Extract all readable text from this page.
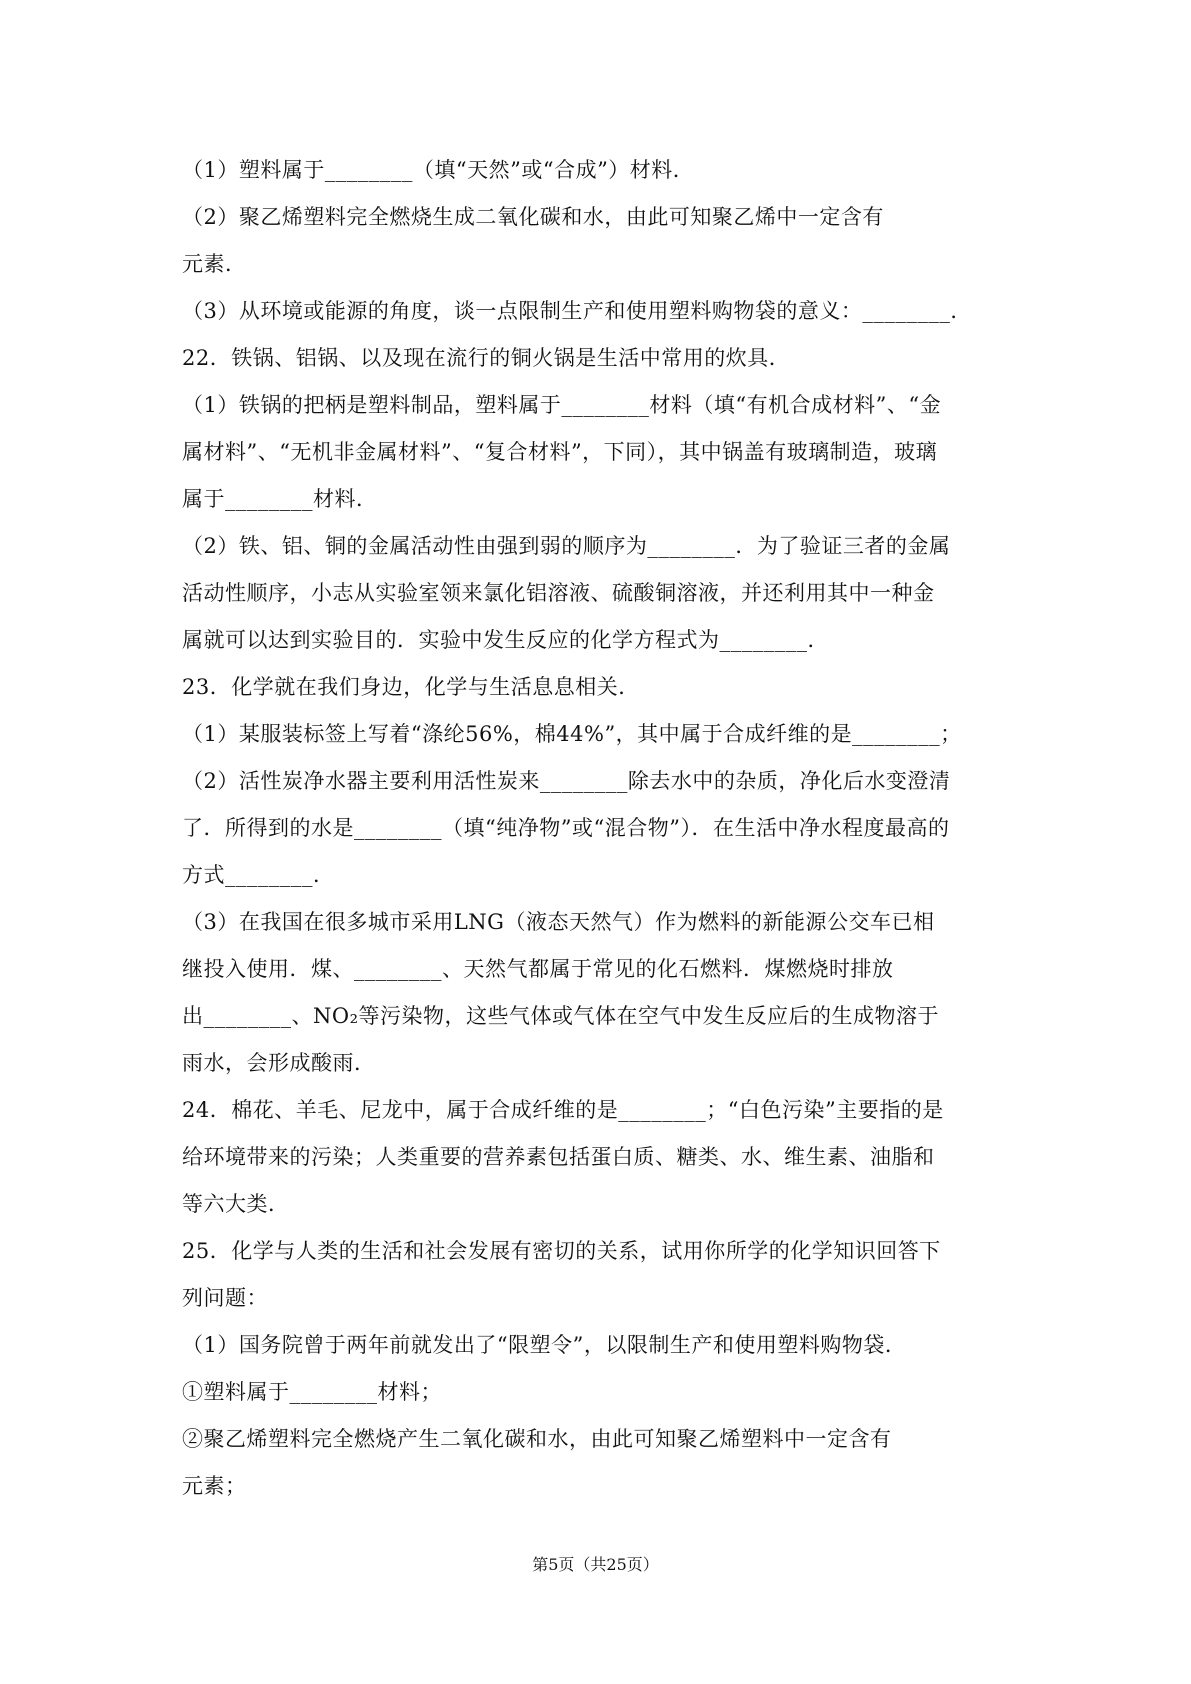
（1）塑料属于________（填“天然”或“合成”）材料．
（2）聚乙烯塑料完全燃烧生成二氧化碳和水，由此可知聚乙烯中一定含有
元素．
（3）从环境或能源的角度，谈一点限制生产和使用塑料购物袋的意义：________．
22．铁锅、铝锅、以及现在流行的铜火锅是生活中常用的炊具．
（1）铁锅的把柄是塑料制品，塑料属于________材料（填“有机合成材料”、“金
属材料”、“无机非金属材料”、“复合材料”，下同），其中锅盖有玻璃制造，玻璃
属于________材料．
（2）铁、铝、铜的金属活动性由强到弱的顺序为________．为了验证三者的金属
活动性顺序，小志从实验室领来氯化铝溶液、硫酸铜溶液，并还利用其中一种金
属就可以达到实验目的．实验中发生反应的化学方程式为________．
23．化学就在我们身边，化学与生活息息相关．
（1）某服装标签上写着“涤纶56%，棉44%”，其中属于合成纤维的是________；
（2）活性炭净水器主要利用活性炭来________除去水中的杂质，净化后水变澄清
了．所得到的水是________（填“纯净物”或“混合物”）．在生活中净水程度最高的
方式________．
（3）在我国在很多城市采用LNG（液态天然气）作为燃料的新能源公交车已相
继投入使用．煤、________、天然气都属于常见的化石燃料．煤燃烧时排放
出________、NO₂等污染物，这些气体或气体在空气中发生反应后的生成物溶于
雨水，会形成酸雨．
24．棉花、羊毛、尼龙中，属于合成纤维的是________；“白色污染”主要指的是
给环境带来的污染；人类重要的营养素包括蛋白质、糖类、水、维生素、油脂和
等六大类．
25．化学与人类的生活和社会发展有密切的关系，试用你所学的化学知识回答下
列问题：
（1）国务院曾于两年前就发出了“限塑令”，以限制生产和使用塑料购物袋．
①塑料属于________材料；
②聚乙烯塑料完全燃烧产生二氧化碳和水，由此可知聚乙烯塑料中一定含有
元素；
第5页（共25页）
